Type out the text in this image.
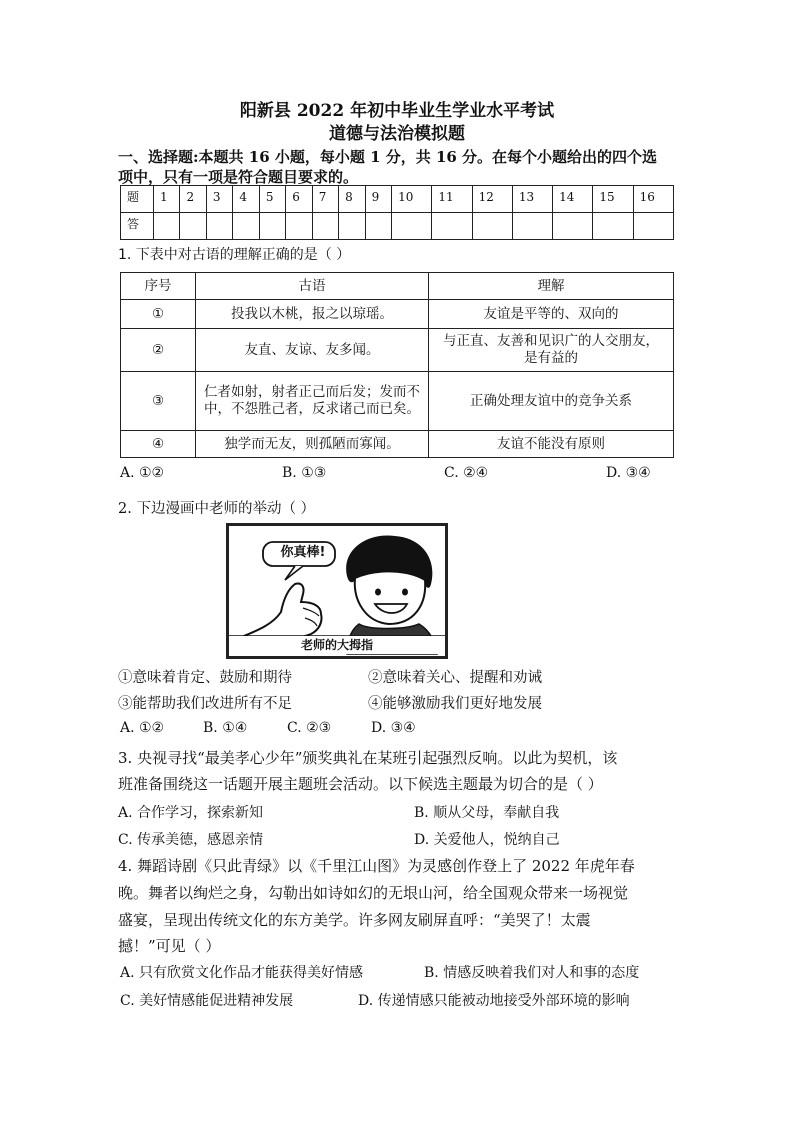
阳新县 2022 年初中毕业生学业水平考试
道德与法治模拟题
一、选择题:本题共 16 小题，每小题 1 分，共 16 分。在每个小题给出的四个选
项中，只有一项是符合题目要求的。
题	1	2	3	4	5	6	7	8	9	10	11	12	13	14	15	16
答																
1. 下表中对古语的理解正确的是（ ）
序号	古语	理解
①	投我以木桃，报之以琼瑶。	友谊是平等的、双向的
②	友直、友谅、友多闻。	与正直、友善和见识广的人交朋友，是有益的
③	仁者如射，射者正己而后发；发而不中，不怨胜己者，反求诸己而已矣。	正确处理友谊中的竞争关系
④	独学而无友，则孤陋而寡闻。	友谊不能没有原则
A. ①②	B. ①③	C. ②④	D. ③④
2. 下边漫画中老师的举动（ ）
你真棒!
老师的大拇指
①意味着肯定、鼓励和期待	②意味着关心、提醒和劝诫
③能帮助我们改进所有不足	④能够激励我们更好地发展
A. ①②	B. ①④	C. ②③	D. ③④
3. 央视寻找“最美孝心少年”颁奖典礼在某班引起强烈反响。以此为契机，该
班准备围绕这一话题开展主题班会活动。以下候选主题最为切合的是（ ）
A. 合作学习，探索新知	B. 顺从父母，奉献自我
C. 传承美德，感恩亲情	D. 关爱他人，悦纳自己
4. 舞蹈诗剧《只此青绿》以《千里江山图》为灵感创作登上了 2022 年虎年春
晚。舞者以绚烂之身，勾勒出如诗如幻的无垠山河，给全国观众带来一场视觉
盛宴，呈现出传统文化的东方美学。许多网友刷屏直呼：“美哭了！太震
撼！”可见（ ）
A. 只有欣赏文化作品才能获得美好情感	B. 情感反映着我们对人和事的态度
C. 美好情感能促进精神发展	D. 传递情感只能被动地接受外部环境的影响
